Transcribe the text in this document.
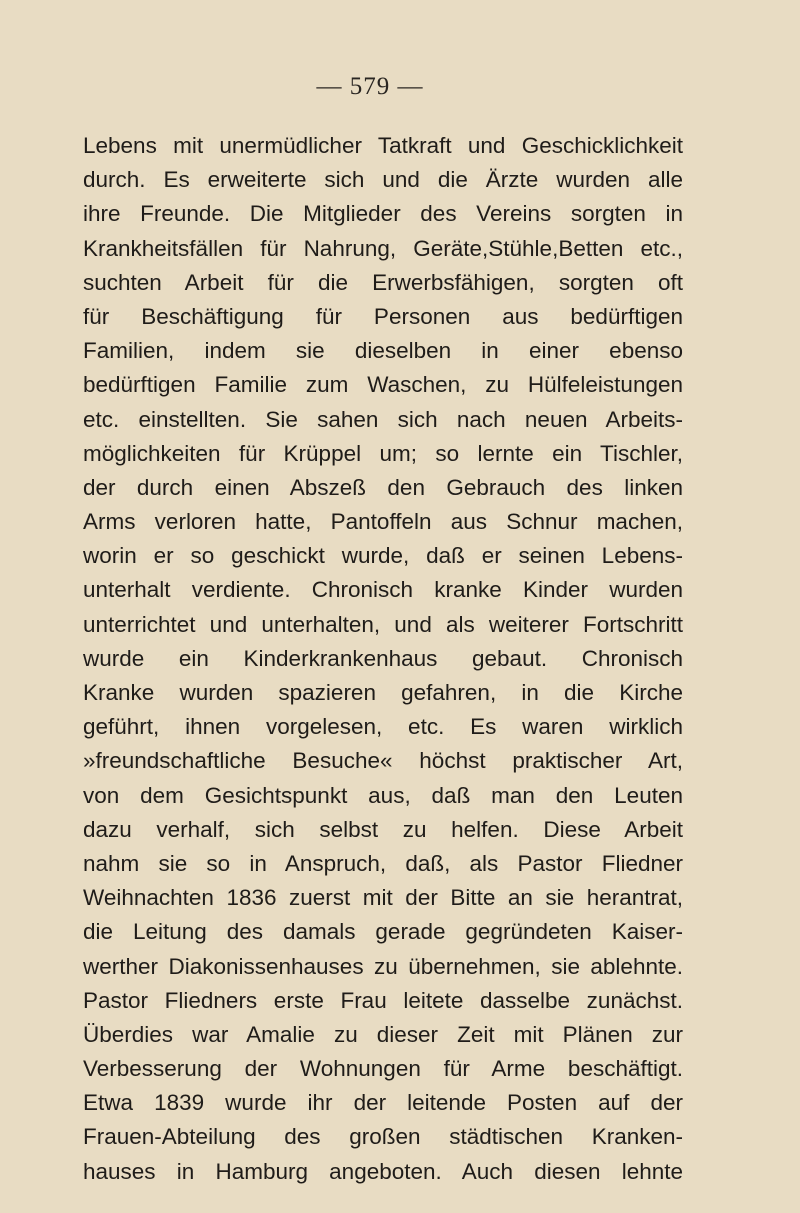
— 579 —
Lebens mit unermüdlicher Tatkraft und Geschicklichkeit
durch. Es erweiterte sich und die Ärzte wurden alle
ihre Freunde. Die Mitglieder des Vereins sorgten in
Krankheitsfällen für Nahrung, Geräte,Stühle,Betten etc.,
suchten Arbeit für die Erwerbsfähigen, sorgten oft
für Beschäftigung für Personen aus bedürftigen
Familien, indem sie dieselben in einer ebenso
bedürftigen Familie zum Waschen, zu Hülfeleistungen
etc. einstellten. Sie sahen sich nach neuen Arbeits-
möglichkeiten für Krüppel um; so lernte ein Tischler,
der durch einen Abszeß den Gebrauch des linken
Arms verloren hatte, Pantoffeln aus Schnur machen,
worin er so geschickt wurde, daß er seinen Lebens-
unterhalt verdiente. Chronisch kranke Kinder wurden
unterrichtet und unterhalten, und als weiterer Fortschritt
wurde ein Kinderkrankenhaus gebaut. Chronisch
Kranke wurden spazieren gefahren, in die Kirche
geführt, ihnen vorgelesen, etc. Es waren wirklich
»freundschaftliche Besuche« höchst praktischer Art,
von dem Gesichtspunkt aus, daß man den Leuten
dazu verhalf, sich selbst zu helfen. Diese Arbeit
nahm sie so in Anspruch, daß, als Pastor Fliedner
Weihnachten 1836 zuerst mit der Bitte an sie herantrat,
die Leitung des damals gerade gegründeten Kaiser-
werther Diakonissenhauses zu übernehmen, sie ablehnte.
Pastor Fliedners erste Frau leitete dasselbe zunächst.
Überdies war Amalie zu dieser Zeit mit Plänen zur
Verbesserung der Wohnungen für Arme beschäftigt.
Etwa 1839 wurde ihr der leitende Posten auf der
Frauen-Abteilung des großen städtischen Kranken-
hauses in Hamburg angeboten. Auch diesen lehnte
